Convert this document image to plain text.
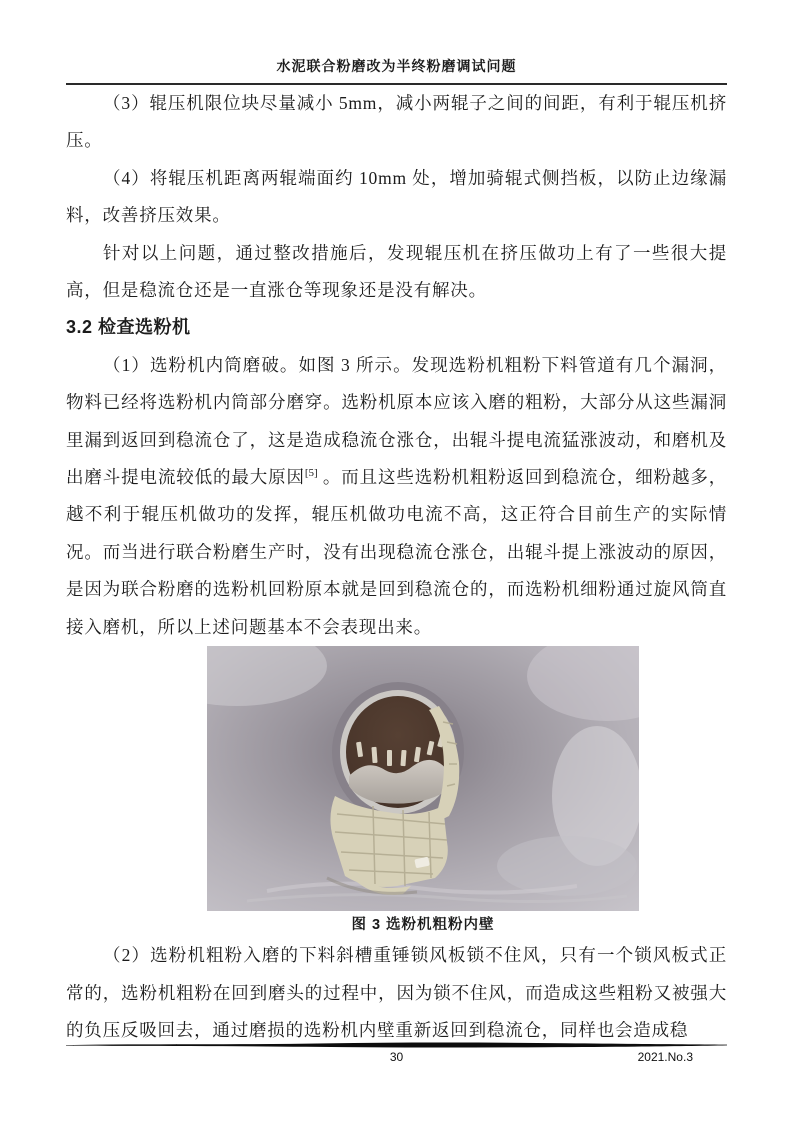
水泥联合粉磨改为半终粉磨调试问题

（3）辊压机限位块尽量减小 5mm，减小两辊子之间的间距，有利于辊压机挤压。

（4）将辊压机距离两辊端面约 10mm 处，增加骑辊式侧挡板，以防止边缘漏料，改善挤压效果。

针对以上问题，通过整改措施后，发现辊压机在挤压做功上有了一些很大提高，但是稳流仓还是一直涨仓等现象还是没有解决。

3.2 检查选粉机

（1）选粉机内筒磨破。如图 3 所示。发现选粉机粗粉下料管道有几个漏洞，物料已经将选粉机内筒部分磨穿。选粉机原本应该入磨的粗粉，大部分从这些漏洞里漏到返回到稳流仓了，这是造成稳流仓涨仓，出辊斗提电流猛涨波动，和磨机及出磨斗提电流较低的最大原因[5] 。而且这些选粉机粗粉返回到稳流仓，细粉越多，越不利于辊压机做功的发挥，辊压机做功电流不高，这正符合目前生产的实际情况。而当进行联合粉磨生产时，没有出现稳流仓涨仓，出辊斗提上涨波动的原因，是因为联合粉磨的选粉机回粉原本就是回到稳流仓的，而选粉机细粉通过旋风筒直接入磨机，所以上述问题基本不会表现出来。

图 3 选粉机粗粉内壁

（2）选粉机粗粉入磨的下料斜槽重锤锁风板锁不住风，只有一个锁风板式正常的，选粉机粗粉在回到磨头的过程中，因为锁不住风，而造成这些粗粉又被强大的负压反吸回去，通过磨损的选粉机内壁重新返回到稳流仓，同样也会造成稳

30	2021.No.3
